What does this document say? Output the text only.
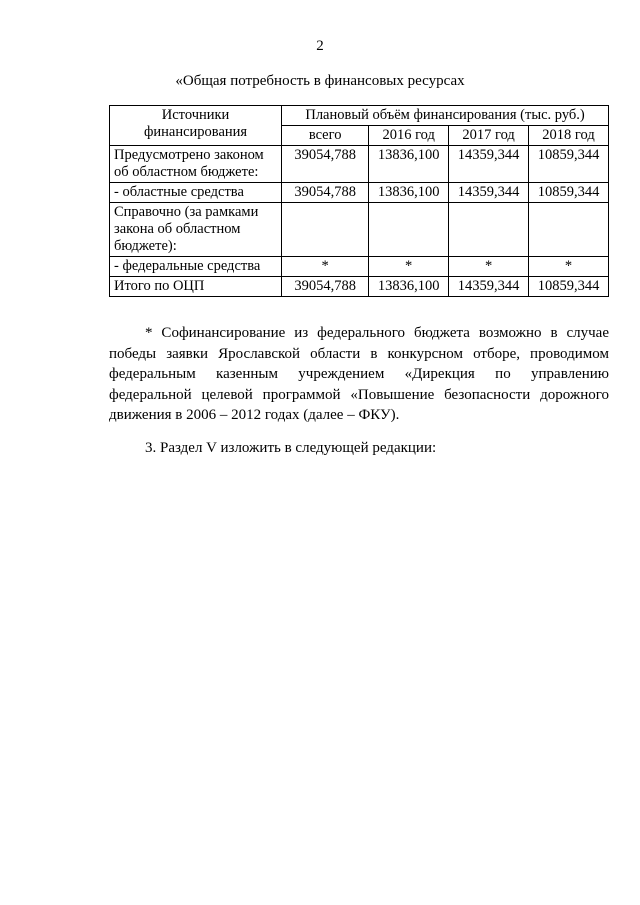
2
«Общая потребность в финансовых ресурсах
Источники
финансирования	Плановый объём финансирования (тыс. руб.)			
	всего	2016 год	2017 год	2018 год
Предусмотрено законом об областном бюджете:	39054,788	13836,100	14359,344	10859,344
- областные средства	39054,788	13836,100	14359,344	10859,344
Справочно (за рамками закона об областном бюджете):				
- федеральные средства	*	*	*	*
Итого по ОЦП	39054,788	13836,100	14359,344	10859,344

* Софинансирование из федерального бюджета возможно в случае победы заявки Ярославской области в конкурсном отборе, проводимом федеральным казенным учреждением «Дирекция по управлению федеральной целевой программой «Повышение безопасности дорожного движения в 2006 – 2012 годах (далее – ФКУ).

3. Раздел V изложить в следующей редакции:
